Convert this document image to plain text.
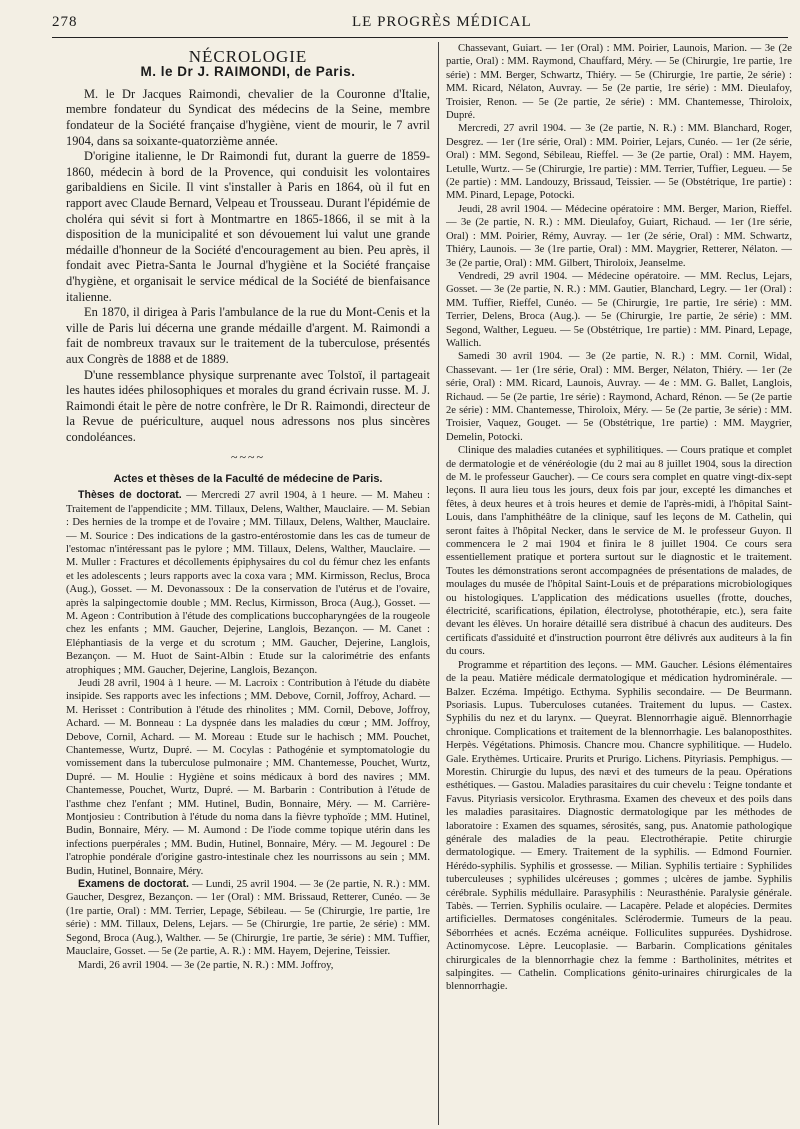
278	LE PROGRÈS MÉDICAL
NÉCROLOGIE
M. le Dr J. RAIMONDI, de Paris.

M. le Dr Jacques Raimondi, chevalier de la Couronne d'Italie, membre fondateur du Syndicat des médecins de la Seine, membre fondateur de la Société française d'hygiène, vient de mourir, le 7 avril 1904, dans sa soixante-quatorzième année.

D'origine italienne, le Dr Raimondi fut, durant la guerre de 1859-1860, médecin à bord de la Provence, qui conduisit les volontaires garibaldiens en Sicile. Il vint s'installer à Paris en 1864, où il fut en rapport avec Claude Bernard, Velpeau et Trousseau. Durant l'épidémie de choléra qui sévit si fort à Montmartre en 1865-1866, il se mit à la disposition de la municipalité et son dévouement lui valut une grande médaille d'honneur de la Société d'encouragement au bien. Peu après, il fondait avec Pietra-Santa le Journal d'hygiène et la Société française d'hygiène, et organisait le service médical de la Société de bienfaisance italienne.

En 1870, il dirigea à Paris l'ambulance de la rue du Mont-Cenis et la ville de Paris lui décerna une grande médaille d'argent. M. Raimondi a fait de nombreux travaux sur le traitement de la tuberculose, présentés aux Congrès de 1888 et de 1889.

D'une ressemblance physique surprenante avec Tolstoï, il partageait les hautes idées philosophiques et morales du grand écrivain russe. M. J. Raimondi était le père de notre confrère, le Dr R. Raimondi, directeur de la Revue de puériculture, auquel nous adressons nos plus sincères condoléances.

~~~~
Actes et thèses de la Faculté de médecine de Paris.

Thèses de doctorat. — Mercredi 27 avril 1904, à 1 heure. — M. Maheu : Traitement de l'appendicite ; MM. Tillaux, Delens, Walther, Mauclaire. — M. Sebian : Des hernies de la trompe et de l'ovaire ; MM. Tillaux, Delens, Walther, Mauclaire. — M. Sourice : Des indications de la gastro-entérostomie dans les cas de tumeur de l'estomac n'intéressant pas le pylore ; MM. Tillaux, Delens, Walther, Mauclaire. — M. Muller : Fractures et décollements épiphysaires du col du fémur chez les enfants et les adolescents ; leurs rapports avec la coxa vara ; MM. Kirmisson, Reclus, Broca (Aug.), Gosset. — M. Devonassoux : De la conservation de l'utérus et de l'ovaire, après la salpingectomie double ; MM. Reclus, Kirmisson, Broca (Aug.), Gosset. — M. Ageon : Contribution à l'étude des complications buccopharyngées de la rougeole chez les enfants ; MM. Gaucher, Dejerine, Langlois, Bezançon. — M. Canet : Eléphantiasis de la verge et du scrotum ; MM. Gaucher, Dejerine, Langlois, Bezançon. — M. Huot de Saint-Albin : Etude sur la calorimétrie des enfants atrophiques ; MM. Gaucher, Dejerine, Langlois, Bezançon.

Jeudi 28 avril, 1904 à 1 heure. — M. Lacroix : Contribution à l'étude du diabète insipide. Ses rapports avec les infections ; MM. Debove, Cornil, Joffroy, Achard. — M. Herisset : Contribution à l'étude des rhinolites ; MM. Cornil, Debove, Joffroy, Achard. — M. Bonneau : La dyspnée dans les maladies du cœur ; MM. Joffroy, Debove, Cornil, Achard. — M. Moreau : Etude sur le hachisch ; MM. Pouchet, Chantemesse, Wurtz, Dupré. — M. Cocylas : Pathogénie et symptomatologie du vomissement dans la tuberculose pulmonaire ; MM. Chantemesse, Pouchet, Wurtz, Dupré. — M. Houlie : Hygiène et soins médicaux à bord des navires ; MM. Chantemesse, Pouchet, Wurtz, Dupré. — M. Barbarin : Contribution à l'étude de l'asthme chez l'enfant ; MM. Hutinel, Budin, Bonnaire, Méry. — M. Carrière-Montjosieu : Contribution à l'étude du noma dans la fièvre typhoïde ; MM. Hutinel, Budin, Bonnaire, Méry. — M. Aumond : De l'iode comme topique utérin dans les infections puerpérales ; MM. Budin, Hutinel, Bonnaire, Méry. — M. Jegourel : De l'atrophie pondérale d'origine gastro-intestinale chez les nourrissons au sein ; MM. Budin, Hutinel, Bonnaire, Méry.

Examens de doctorat. — Lundi, 25 avril 1904. — 3e (2e partie, N. R.) : MM. Gaucher, Desgrez, Bezançon. — 1er (Oral) : MM. Brissaud, Retterer, Cunéo. — 3e (1re partie, Oral) : MM. Terrier, Lepage, Sébileau. — 5e (Chirurgie, 1re partie, 1re série) : MM. Tillaux, Delens, Lejars. — 5e (Chirurgie, 1re partie, 2e série) : MM. Segond, Broca (Aug.), Walther. — 5e (Chirurgie, 1re partie, 3e série) : MM. Tuffier, Mauclaire, Gosset. — 5e (2e partie, A. R.) : MM. Hayem, Dejerine, Teissier.

Mardi, 26 avril 1904. — 3e (2e partie, N. R.) : MM. Joffroy,

Chassevant, Guiart. — 1er (Oral) : MM. Poirier, Launois, Marion. — 3e (2e partie, Oral) : MM. Raymond, Chauffard, Méry. — 5e (Chirurgie, 1re partie, 1re série) : MM. Berger, Schwartz, Thiéry. — 5e (Chirurgie, 1re partie, 2e série) : MM. Ricard, Nélaton, Auvray. — 5e (2e partie, 1re série) : MM. Dieulafoy, Troisier, Renon. — 5e (2e partie, 2e série) : MM. Chantemesse, Thiroloix, Dupré.

Mercredi, 27 avril 1904. — 3e (2e partie, N. R.) : MM. Blanchard, Roger, Desgrez. — 1er (1re série, Oral) : MM. Poirier, Lejars, Cunéo. — 1er (2e série, Oral) : MM. Segond, Sébileau, Rieffel. — 3e (2e partie, Oral) : MM. Hayem, Letulle, Wurtz. — 5e (Chirurgie, 1re partie) : MM. Terrier, Tuffier, Legueu. — 5e (2e partie) : MM. Landouzy, Brissaud, Teissier. — 5e (Obstétrique, 1re partie) : MM. Pinard, Lepage, Potocki.

Jeudi, 28 avril 1904. — Médecine opératoire : MM. Berger, Marion, Rieffel. — 3e (2e partie, N. R.) : MM. Dieulafoy, Guiart, Richaud. — 1er (1re série, Oral) : MM. Poirier, Rémy, Auvray. — 1er (2e série, Oral) : MM. Schwartz, Thiéry, Launois. — 3e (1re partie, Oral) : MM. Maygrier, Retterer, Nélaton. — 3e (2e partie, Oral) : MM. Gilbert, Thiroloix, Jeanselme.

Vendredi, 29 avril 1904. — Médecine opératoire. — MM. Reclus, Lejars, Gosset. — 3e (2e partie, N. R.) : MM. Gautier, Blanchard, Legry. — 1er (Oral) : MM. Tuffier, Rieffel, Cunéo. — 5e (Chirurgie, 1re partie, 1re série) : MM. Terrier, Delens, Broca (Aug.). — 5e (Chirurgie, 1re partie, 2e série) : MM. Segond, Walther, Legueu. — 5e (Obstétrique, 1re partie) : MM. Pinard, Lepage, Wallich.

Samedi 30 avril 1904. — 3e (2e partie, N. R.) : MM. Cornil, Widal, Chassevant. — 1er (1re série, Oral) : MM. Berger, Nélaton, Thiéry. — 1er (2e série, Oral) : MM. Ricard, Launois, Auvray. — 4e : MM. G. Ballet, Langlois, Richaud. — 5e (2e partie, 1re série) : Raymond, Achard, Rénon. — 5e (2e partie 2e série) : MM. Chantemesse, Thiroloix, Méry. — 5e (2e partie, 3e série) : MM. Troisier, Vaquez, Gouget. — 5e (Obstétrique, 1re partie) : MM. Maygrier, Demelin, Potocki.

Clinique des maladies cutanées et syphilitiques. — Cours pratique et complet de dermatologie et de vénéréologie (du 2 mai au 8 juillet 1904, sous la direction de M. le professeur Gaucher). — Ce cours sera complet en quatre vingt-dix-sept leçons. Il aura lieu tous les jours, deux fois par jour, excepté les dimanches et fêtes, à deux heures et à trois heures et demie de l'après-midi, à l'hôpital Saint-Louis, dans l'amphithéâtre de la clinique, sauf les leçons de M. Cathelin, qui seront faites à l'hôpital Necker, dans le service de M. le professeur Guyon. Il commencera le 2 mai 1904 et finira le 8 juillet 1904. Ce cours sera essentiellement pratique et portera surtout sur le diagnostic et le traitement. Toutes les démonstrations seront accompagnées de présentations de malades, de moulages du musée de l'hôpital Saint-Louis et de préparations microbiologiques ou histologiques. L'application des médications usuelles (frotte, douches, électricité, scarifications, épilation, électrolyse, photothérapie, etc.), sera faite devant les élèves. Un horaire détaillé sera distribué à chacun des auditeurs. Des certificats d'assiduité et d'instruction pourront être délivrés aux auditeurs à la fin du cours.

Programme et répartition des leçons. — MM. Gaucher. Lésions élémentaires de la peau. Matière médicale dermatologique et médication hydrominérale. — Balzer. Eczéma. Impétigo. Ecthyma. Syphilis secondaire. — De Beurmann. Psoriasis. Lupus. Tuberculoses cutanées. Traitement du lupus. — Castex. Syphilis du nez et du larynx. — Queyrat. Blennorrhagie aiguë. Blennorrhagie chronique. Complications et traitement de la blennorrhagie. Les balanoposthites. Herpès. Végétations. Phimosis. Chancre mou. Chancre syphilitique. — Hudelo. Gale. Erythèmes. Urticaire. Prurits et Prurigo. Lichens. Pityriasis. Pemphigus. — Morestin. Chirurgie du lupus, des nævi et des tumeurs de la peau. Opérations esthétiques. — Gastou. Maladies parasitaires du cuir chevelu : Teigne tondante et Favus. Pityriasis versicolor. Erythrasma. Examen des cheveux et des poils dans les maladies parasitaires. Diagnostic dermatologique par les méthodes de laboratoire : Examen des squames, sérosités, sang, pus. Anatomie pathologique générale des maladies de la peau. Electrothérapie. Petite chirurgie dermatologique. — Emery. Traitement de la syphilis. — Edmond Fournier. Hérédo-syphilis. Syphilis et grossesse. — Milian. Syphilis tertiaire : Syphilides tuberculeuses ; syphilides ulcéreuses ; gommes ; ulcères de jambe. Syphilis cérébrale. Syphilis médullaire. Parasyphilis : Neurasthénie. Paralysie générale. Tabès. — Terrien. Syphilis oculaire. — Lacapère. Pelade et alopécies. Dermites artificielles. Dermatoses congénitales. Sclérodermie. Tumeurs de la peau. Séborrhées et acnés. Eczéma acnéique. Folliculites suppurées. Dyshidrose. Actinomycose. Lèpre. Leucoplasie. — Barbarin. Complications génitales chirurgicales de la blennorrhagie chez la femme : Bartholinites, métrites et salpingites. — Cathelin. Complications génito-urinaires chirurgicales de la blennorrhagie.
